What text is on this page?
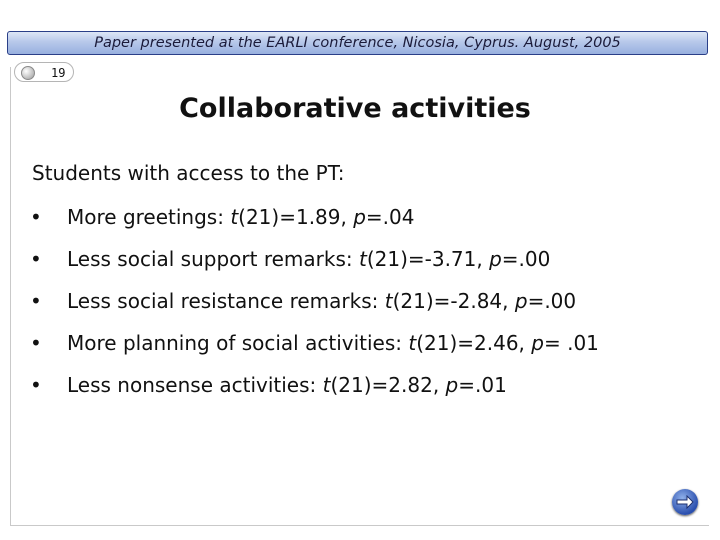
Paper presented at the EARLI conference, Nicosia, Cyprus. August, 2005
19
Collaborative activities
Students with access to the PT:
• More greetings: t(21)=1.89, p=.04
• Less social support remarks: t(21)=-3.71, p=.00
• Less social resistance remarks: t(21)=-2.84, p=.00
• More planning of social activities: t(21)=2.46, p= .01
• Less nonsense activities: t(21)=2.82, p=.01
